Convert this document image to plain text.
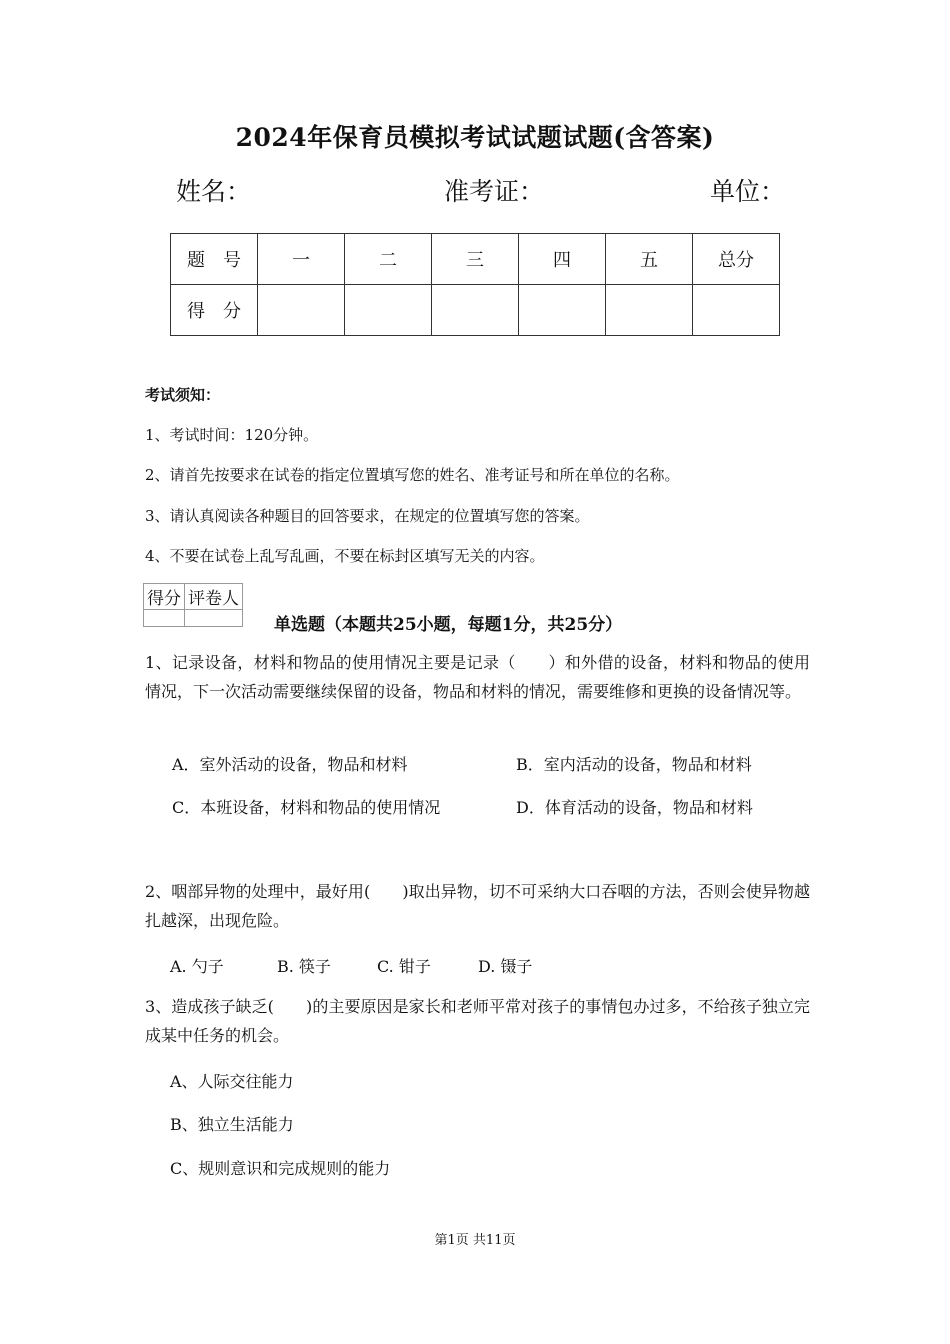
2024年保育员模拟考试试题试题(含答案)
姓名：	准考证：	单位：
题　号	一	二	三	四	五	总分
得　分						
考试须知：
1、考试时间：120分钟。
2、请首先按要求在试卷的指定位置填写您的姓名、准考证号和所在单位的名称。
3、请认真阅读各种题目的回答要求，在规定的位置填写您的答案。
4、不要在试卷上乱写乱画，不要在标封区填写无关的内容。
得分	评卷人

单选题（本题共25小题，每题1分，共25分）
1、记录设备，材料和物品的使用情况主要是记录（　　）和外借的设备，材料和物品的使用情况，下一次活动需要继续保留的设备，物品和材料的情况，需要维修和更换的设备情况等。
A．室外活动的设备，物品和材料	B．室内活动的设备，物品和材料
C．本班设备，材料和物品的使用情况	D．体育活动的设备，物品和材料
2、咽部异物的处理中，最好用(　　)取出异物，切不可采纳大口吞咽的方法，否则会使异物越扎越深，出现危险。
A. 勺子	B. 筷子	C. 钳子	D. 镊子
3、造成孩子缺乏(　　)的主要原因是家长和老师平常对孩子的事情包办过多，不给孩子独立完成某中任务的机会。
A、人际交往能力
B、独立生活能力
C、规则意识和完成规则的能力
第1页 共11页
